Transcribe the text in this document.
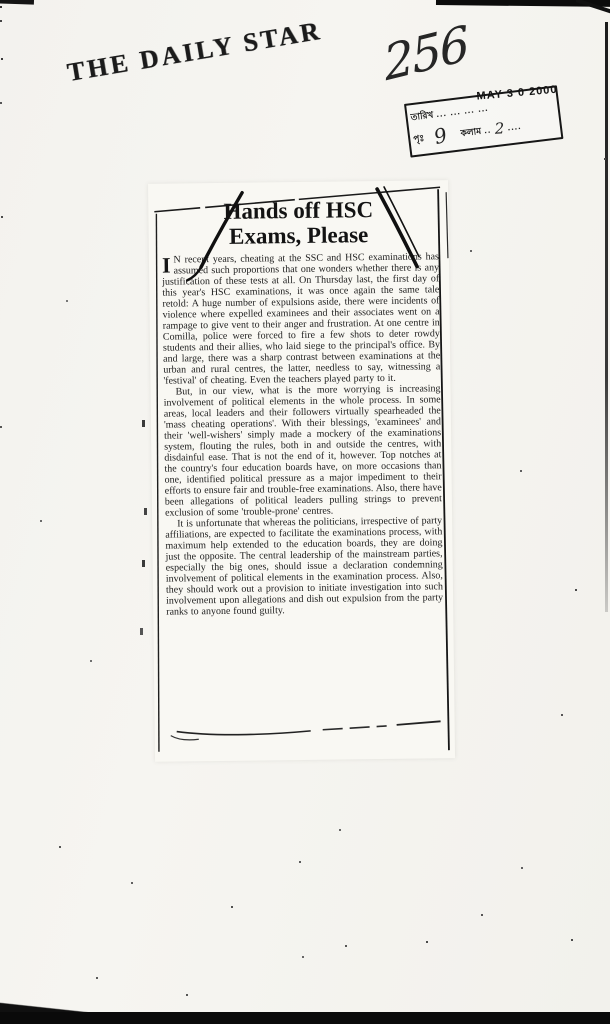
THE DAILY STAR 256
তারিখ ... ... ... ...
MAY 3 0 2000
পৃঃ 9 কলাম .. 2 ....
Hands off HSC
Exams, Please

I N recent years, cheating at the SSC and HSC examinations has assumed such proportions that one wonders whether there is any justification of these tests at all. On Thursday last, the first day of this year's HSC examinations, it was once again the same tale retold: A huge number of expulsions aside, there were incidents of violence where expelled examinees and their associates went on a rampage to give vent to their anger and frustration. At one centre in Comilla, police were forced to fire a few shots to deter rowdy students and their allies, who laid siege to the principal's office. By and large, there was a sharp contrast between examinations at the urban and rural centres, the latter, needless to say, witnessing a 'festival' of cheating. Even the teachers played party to it.

But, in our view, what is the more worrying is increasing involvement of political elements in the whole process. In some areas, local leaders and their followers virtually spearheaded the 'mass cheating operations'. With their blessings, 'examinees' and their 'well-wishers' simply made a mockery of the examinations system, flouting the rules, both in and outside the centres, with disdainful ease. That is not the end of it, however. Top notches at the country's four education boards have, on more occasions than one, identified political pressure as a major impediment to their efforts to ensure fair and trouble-free examinations. Also, there have been allegations of political leaders pulling strings to prevent exclusion of some 'trouble-prone' centres.

It is unfortunate that whereas the politicians, irrespective of party affiliations, are expected to facilitate the examinations process, with maximum help extended to the education boards, they are doing just the opposite. The central leadership of the mainstream parties, especially the big ones, should issue a declaration condemning involvement of political elements in the examination process. Also, they should work out a provision to initiate investigation into such involvement upon allegations and dish out expulsion from the party ranks to anyone found guilty.
